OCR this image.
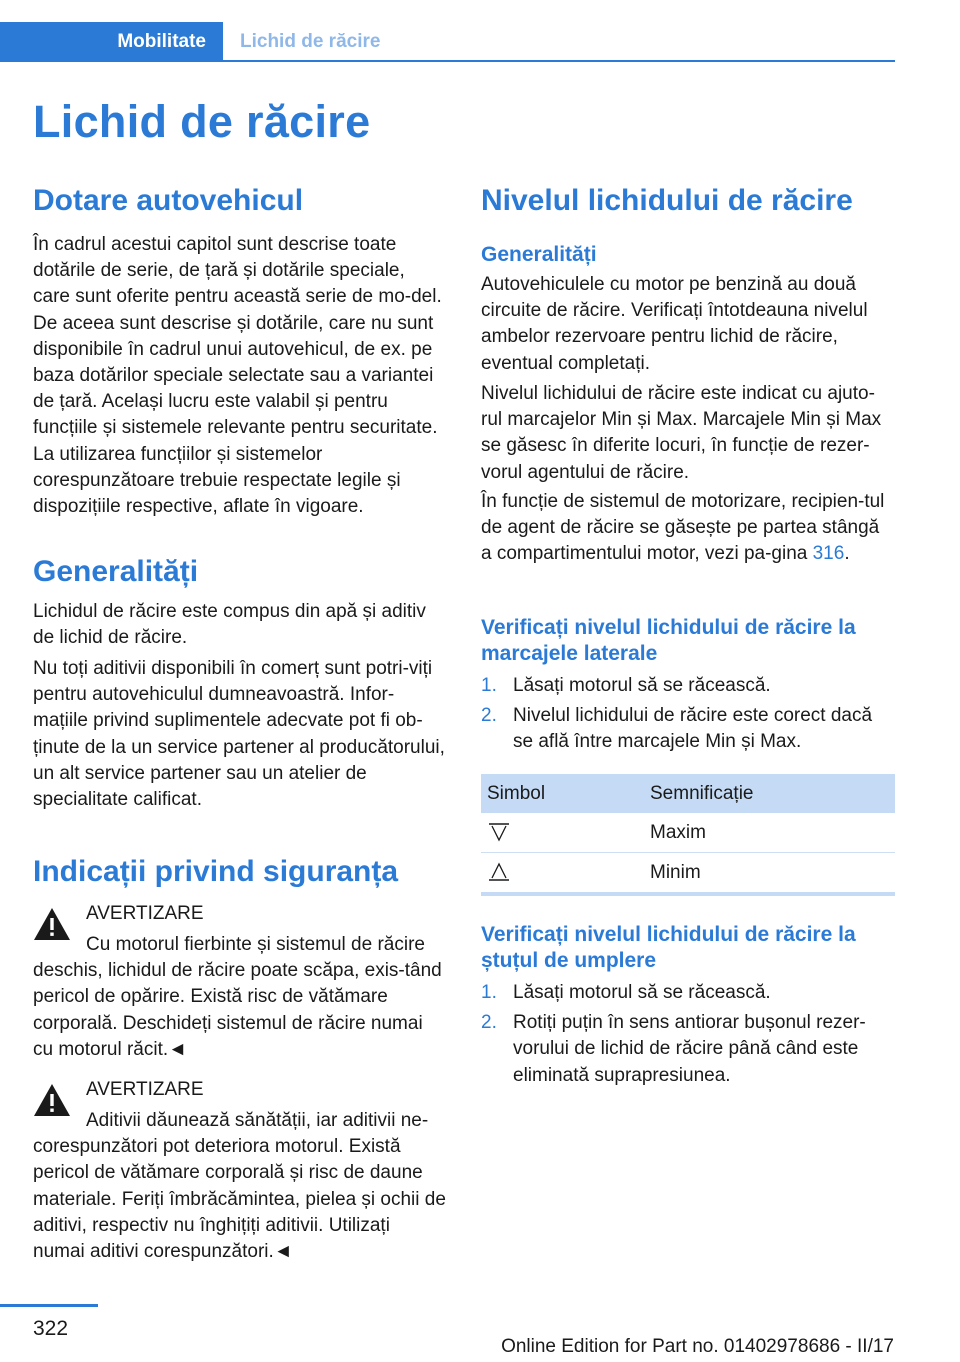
Mobilitate	Lichid de răcire
Lichid de răcire
Dotare autovehicul

În cadrul acestui capitol sunt descrise toate dotările de serie, de țară și dotările speciale, care sunt oferite pentru această serie de mo‐del. De aceea sunt descrise și dotările, care nu sunt disponibile în cadrul unui autovehicul, de ex. pe baza dotărilor speciale selectate sau a variantei de țară. Același lucru este valabil și pentru funcțiile și sistemele relevante pentru securitate. La utilizarea funcțiilor și sistemelor corespunzătoare trebuie respectate legile și dispozițiile respective, aflate în vigoare.

Generalități

Lichidul de răcire este compus din apă și aditiv de lichid de răcire.

Nu toți aditivii disponibili în comerț sunt potri‐viți pentru autovehiculul dumneavoastră. Infor‐mațiile privind suplimentele adecvate pot fi ob‐ținute de la un service partener al producătorului, un alt service partener sau un atelier de specialitate calificat.

Indicații privind siguranța
AVERTIZARE

Cu motorul fierbinte și sistemul de răcire deschis, lichidul de răcire poate scăpa, exis‐tând pericol de opărire. Există risc de vătămare corporală. Deschideți sistemul de răcire numai cu motorul răcit.◄

AVERTIZARE

Aditivii dăunează sănătății, iar aditivii ne‐corespunzători pot deteriora motorul. Există pericol de vătămare corporală și risc de daune materiale. Feriți îmbrăcămintea, pielea și ochii de aditivi, respectiv nu înghițiți aditivii. Utilizați numai aditivi corespunzători.◄

Nivelul lichidului de răcire
Generalități

Autovehiculele cu motor pe benzină au două circuite de răcire. Verificați întotdeauna nivelul ambelor rezervoare pentru lichid de răcire, eventual completați.

Nivelul lichidului de răcire este indicat cu ajuto‐rul marcajelor Min și Max. Marcajele Min și Max se găsesc în diferite locuri, în funcție de rezer‐vorul agentului de răcire.

În funcție de sistemul de motorizare, recipien‐tul de agent de răcire se găsește pe partea stângă a compartimentului motor, vezi pa‐gina 316.

Verificați nivelul lichidului de răcire la marcajele laterale
1. Lăsați motorul să se răcească.
2. Nivelul lichidului de răcire este corect dacă se află între marcajele Min și Max.
Simbol	Semnificație
	Maxim
	Minim
Verificați nivelul lichidului de răcire la ștuțul de umplere
1. Lăsați motorul să se răcească.
2. Rotiți puțin în sens antiorar bușonul rezer‐vorului de lichid de răcire până când este eliminată suprapresiunea.
322
Online Edition for Part no. 01402978686 - II/17
